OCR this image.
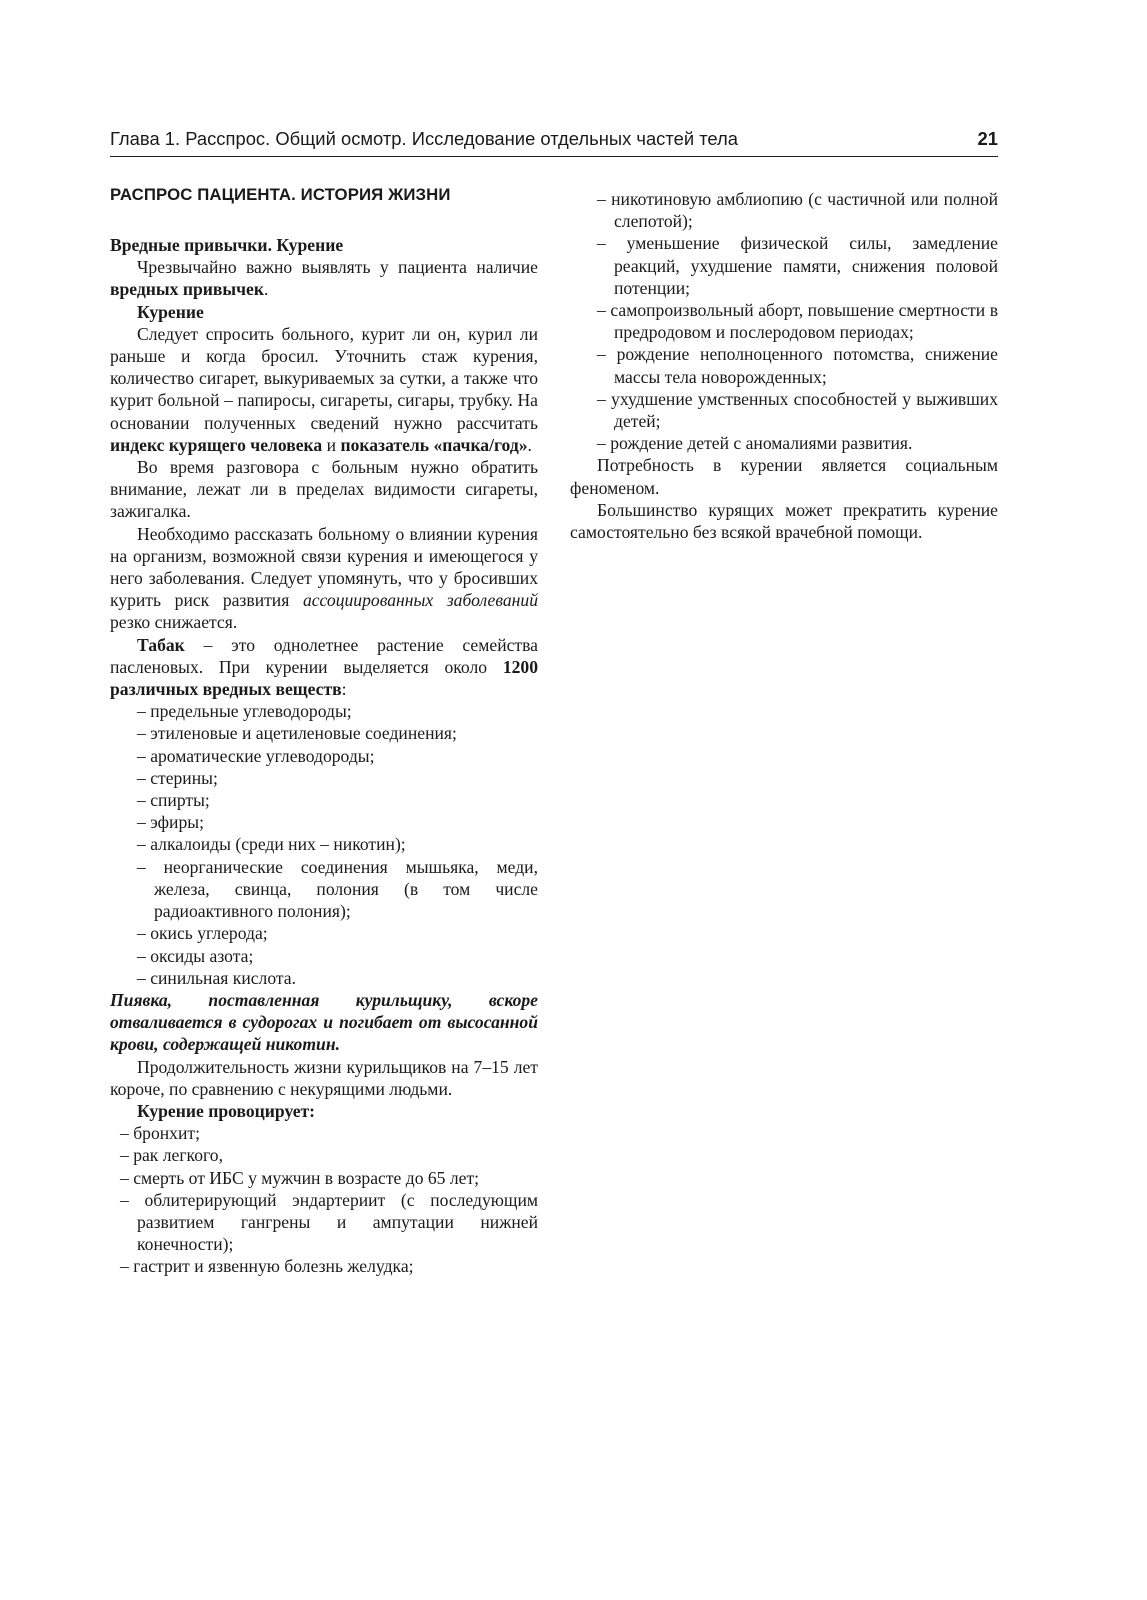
Глава 1. Расспрос. Общий осмотр. Исследование отдельных частей тела	21
РАСПРОС ПАЦИЕНТА. ИСТОРИЯ ЖИЗНИ
Вредные привычки. Курение

Чрезвычайно важно выявлять у пациента наличие вредных привычек.

Курение

Следует спросить больного, курит ли он, курил ли раньше и когда бросил. Уточнить стаж курения, количество сигарет, выкуриваемых за сутки, а также что курит больной – папиросы, сигареты, сигары, трубку. На основании полученных сведений нужно рассчитать индекс курящего человека и показатель «пачка/год».

Во время разговора с больным нужно обратить внимание, лежат ли в пределах видимости сигареты, зажигалка.

Необходимо рассказать больному о влиянии курения на организм, возможной связи курения и имеющегося у него заболевания. Следует упомянуть, что у бросивших курить риск развития ассоциированных заболеваний резко снижается.

Табак – это однолетнее растение семейства пасленовых. При курении выделяется около 1200 различных вредных веществ:

– предельные углеводороды;
– этиленовые и ацетиленовые соединения;
– ароматические углеводороды;
– стерины;
– спирты;
– эфиры;
– алкалоиды (среди них – никотин);
– неорганические соединения мышьяка, меди, железа, свинца, полония (в том числе радиоактивного полония);
– окись углерода;
– оксиды азота;
– синильная кислота.

Пиявка, поставленная курильщику, вскоре отваливается в судорогах и погибает от высосанной крови, содержащей никотин.

Продолжительность жизни курильщиков на 7–15 лет короче, по сравнению с некурящими людьми.

Курение провоцирует:
– бронхит;
– рак легкого,
– смерть от ИБС у мужчин в возрасте до 65 лет;
– облитерирующий эндартериит (с последующим развитием гангрены и ампутации нижней конечности);
– гастрит и язвенную болезнь желудка;
– никотиновую амблиопию (с частичной или полной слепотой);
– уменьшение физической силы, замедление реакций, ухудшение памяти, снижения половой потенции;
– самопроизвольный аборт, повышение смертности в предродовом и послеродовом периодах;
– рождение неполноценного потомства, снижение массы тела новорожденных;
– ухудшение умственных способностей у выживших детей;
– рождение детей с аномалиями развития.

Потребность в курении является социальным феноменом.

Большинство курящих может прекратить курение самостоятельно без всякой врачебной помощи.
